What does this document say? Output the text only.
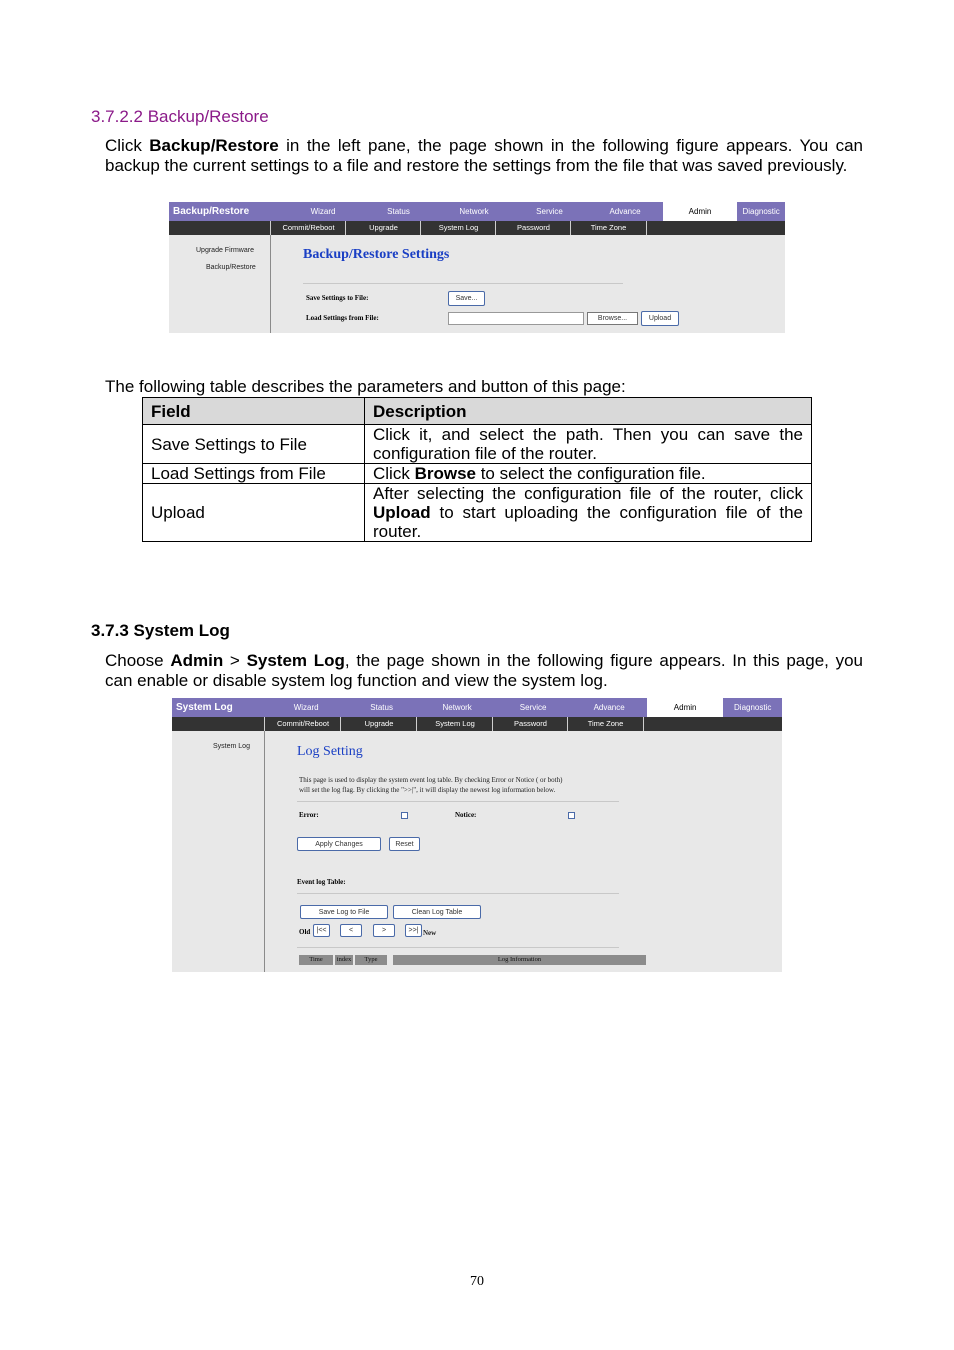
3.7.2.2 Backup/Restore
Click Backup/Restore in the left pane, the page shown in the following figure appears. You can backup the current settings to a file and restore the settings from the file that was saved previously.
Backup/Restore	Wizard	Status	Network	Service	Advance	Admin	Diagnostic
Commit/Reboot	Upgrade	System Log	Password	Time Zone
Upgrade Firmware
Backup/Restore
Backup/Restore Settings
Save Settings to File:	Save...
Load Settings from File:	Browse...	Upload
The following table describes the parameters and button of this page:
Field	Description
Save Settings to File	Click it, and select the path. Then you can save the configuration file of the router.
Load Settings from File	Click Browse to select the configuration file.
Upload	After selecting the configuration file of the router, click Upload to start uploading the configuration file of the router.
3.7.3 System Log
Choose Admin > System Log, the page shown in the following figure appears. In this page, you can enable or disable system log function and view the system log.
System Log	Wizard	Status	Network	Service	Advance	Admin	Diagnostic
Commit/Reboot	Upgrade	System Log	Password	Time Zone
System Log	Log Setting
This page is used to display the system event log table. By checking Error or Notice ( or both)
will set the log flag. By clicking the ">>|", it will display the newest log information below.
Error:	Notice:
Apply Changes	Reset
Event log Table:
Save Log to File	Clean Log Table
Old |<<	<	>	>>| New
Time	index	Type	Log Information
70
